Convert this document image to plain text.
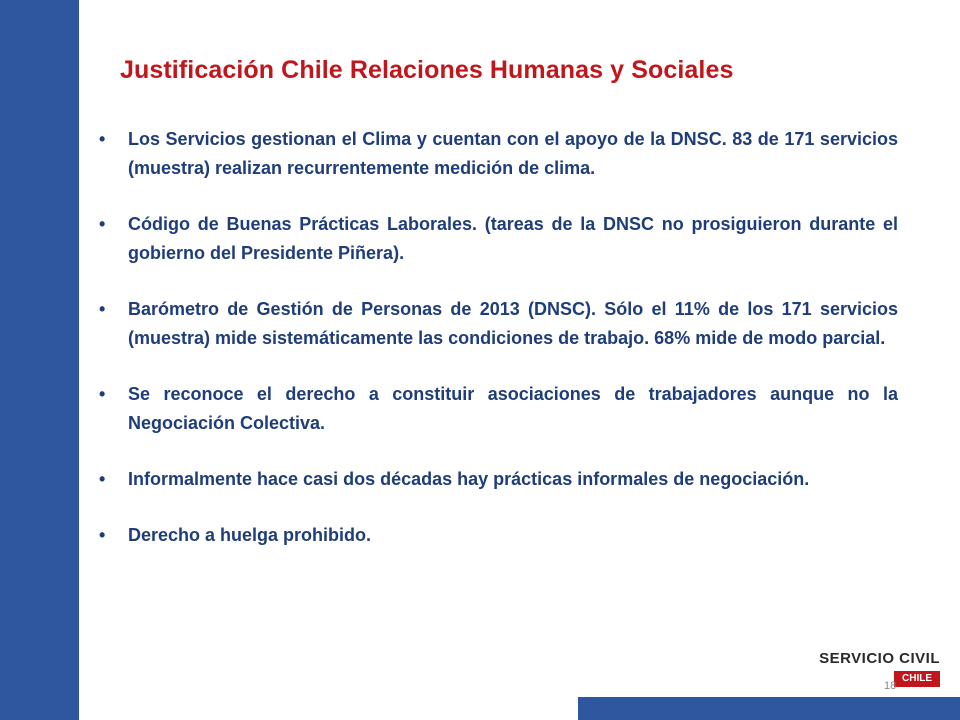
Justificación Chile Relaciones Humanas y Sociales
• Los Servicios gestionan el Clima y cuentan con el apoyo de la DNSC. 83 de 171 servicios (muestra) realizan recurrentemente medición de clima.
• Código de Buenas Prácticas Laborales. (tareas de la DNSC no prosiguieron durante el gobierno del Presidente Piñera).
• Barómetro de Gestión de Personas de 2013 (DNSC). Sólo el 11% de los 171 servicios (muestra) mide sistemáticamente las condiciones de trabajo. 68% mide de modo parcial.
• Se reconoce el derecho a constituir asociaciones de trabajadores aunque no la Negociación Colectiva.
• Informalmente hace casi dos décadas hay prácticas informales de negociación.
• Derecho a huelga prohibido.
SERVICIO CIVIL
CHILE
18
